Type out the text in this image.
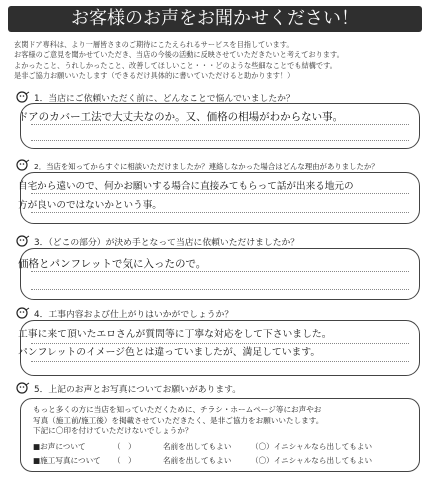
お客様のお声をお聞かせください！
玄関ドア専科は、より一層皆さまのご期待にこたえられるサービスを目指しています。
お客様のご意見を聞かせていただき、当店の今後の活動に反映させていただきたいと考えております。
よかったこと、うれしかったこと、改善してほしいこと・・・どのような些細なことでも結構です。
是非ご協力お願いいたします（できるだけ具体的に書いていただけると助かります！）
1．当店にご依頼いただく前に、どんなことで悩んでいましたか？
ドアのカバー工法で大丈夫なのか。又、価格の相場がわからない事。
2．当店を知ってからすぐに相談いただけましたか？連絡しなかった場合はどんな理由がありましたか？
自宅から遠いので、何かお願いする場合に直接みてもらって話が出来る地元の
方が良いのではないかという事。
3．（どこの部分）が決め手となって当店に依頼いただけましたか？
価格とパンフレットで気に入ったので。
4．工事内容および仕上がりはいかがでしょうか？
工事に来て頂いたエロさんが質問等に丁寧な対応をして下さいました。
パンフレットのイメージ色とは違っていましたが、満足しています。
5．上記のお声とお写真についてお願いがあります。
もっと多くの方に当店を知っていただくために、チラシ・ホームページ等にお声やお
写真（施工前/施工後）を掲載させていただきたく、是非ご協力をお願いいたします。
下記に〇印を付けていただけないでしょうか？
■お声について	（　）	名前を出してもよい	（〇）イニシャルなら出してもよい
■施工写真について （　）	名前を出してもよい	（〇）イニシャルなら出してもよい
